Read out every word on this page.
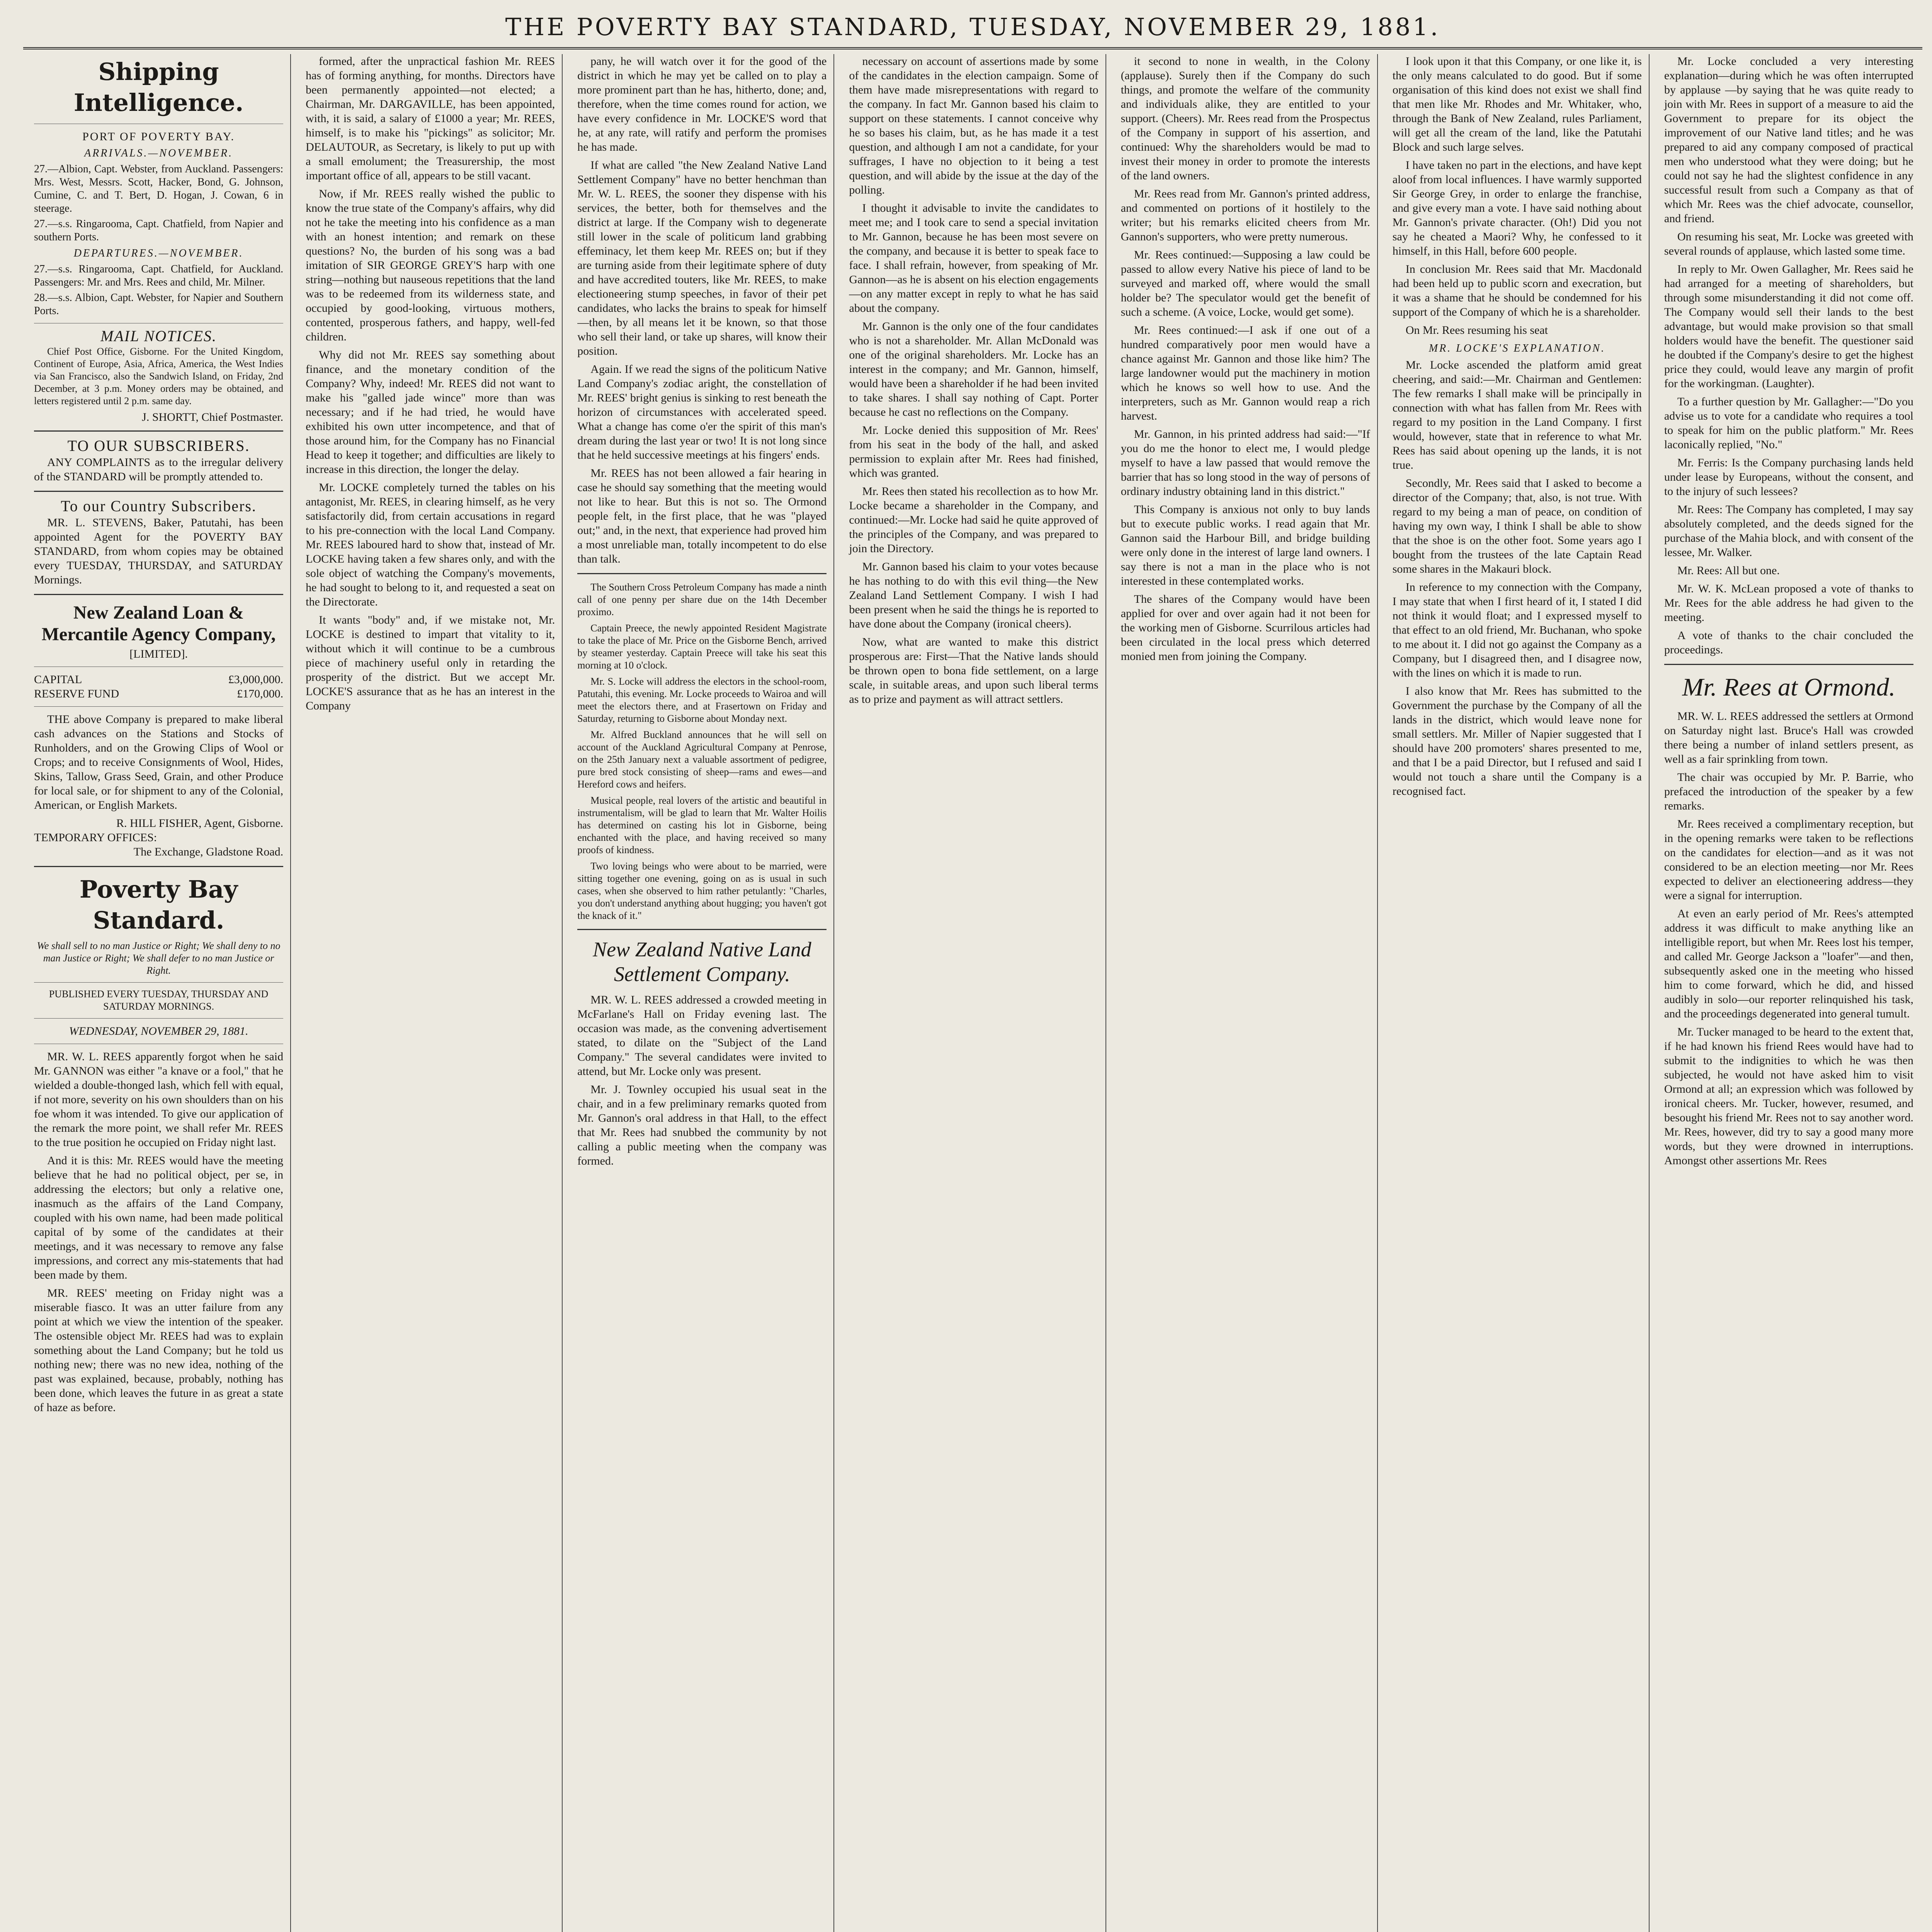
THE POVERTY BAY STANDARD, TUESDAY, NOVEMBER 29, 1881.
Shipping Intelligence.
PORT OF POVERTY BAY.
ARRIVALS.—NOVEMBER.
27.—Albion, Capt. Webster, from Auckland. Passengers: Mrs. West, Messrs. Scott, Hacker, Bond, G. Johnson, Cumine, C. and T. Bert, D. Hogan, J. Cowan, 6 in steerage.
27.—s.s. Ringarooma, Capt. Chatfield, from Napier and southern Ports.
DEPARTURES.—NOVEMBER.
27.—s.s. Ringarooma, Capt. Chatfield, for Auckland. Passengers: Mr. and Mrs. Rees and child, Mr. Milner.
28.—s.s. Albion, Capt. Webster, for Napier and Southern Ports.
MAIL NOTICES.

Chief Post Office, Gisborne. For the United Kingdom, Continent of Europe, Asia, Africa, America, the West Indies via San Francisco, also the Sandwich Island, on Friday, 2nd December, at 3 p.m. Money orders may be obtained, and letters registered until 2 p.m. same day.

J. SHORTT, Chief Postmaster.
TO OUR SUBSCRIBERS.

ANY COMPLAINTS as to the irregular delivery of the STANDARD will be promptly attended to.

To our Country Subscribers.

MR. L. STEVENS, Baker, Patutahi, has been appointed Agent for the POVERTY BAY STANDARD, from whom copies may be obtained every TUESDAY, THURSDAY, and SATURDAY Mornings.

New Zealand Loan & Mercantile Agency Company,
[LIMITED].
CAPITAL	£3,000,000.
RESERVE FUND	£170,000.

THE above Company is prepared to make liberal cash advances on the Stations and Stocks of Runholders, and on the Growing Clips of Wool or Crops; and to receive Consignments of Wool, Hides, Skins, Tallow, Grass Seed, Grain, and other Produce for local sale, or for shipment to any of the Colonial, American, or English Markets.

R. HILL FISHER, Agent, Gisborne.
TEMPORARY OFFICES:
The Exchange, Gladstone Road.
Poverty Bay Standard.
We shall sell to no man Justice or Right; We shall deny to no man Justice or Right; We shall defer to no man Justice or Right.
PUBLISHED EVERY TUESDAY, THURSDAY AND SATURDAY MORNINGS.
WEDNESDAY, NOVEMBER 29, 1881.

MR. W. L. REES apparently forgot when he said Mr. GANNON was either "a knave or a fool," that he wielded a double-thonged lash, which fell with equal, if not more, severity on his own shoulders than on his foe whom it was intended. To give our application of the remark the more point, we shall refer Mr. REES to the true position he occupied on Friday night last.

And it is this: Mr. REES would have the meeting believe that he had no political object, per se, in addressing the electors; but only a relative one, inasmuch as the affairs of the Land Company, coupled with his own name, had been made political capital of by some of the candidates at their meetings, and it was necessary to remove any false impressions, and correct any mis-statements that had been made by them.

MR. REES' meeting on Friday night was a miserable fiasco. It was an utter failure from any point at which we view the intention of the speaker. The ostensible object Mr. REES had was to explain something about the Land Company; but he told us nothing new; there was no new idea, nothing of the past was explained, because, probably, nothing has been done, which leaves the future in as great a state of haze as before.

formed, after the unpractical fashion Mr. REES has of forming anything, for months. Directors have been permanently appointed—not elected; a Chairman, Mr. DARGAVILLE, has been appointed, with, it is said, a salary of £1000 a year; Mr. REES, himself, is to make his "pickings" as solicitor; Mr. DELAUTOUR, as Secretary, is likely to put up with a small emolument; the Treasurership, the most important office of all, appears to be still vacant.

Now, if Mr. REES really wished the public to know the true state of the Company's affairs, why did not he take the meeting into his confidence as a man with an honest intention; and remark on these questions? No, the burden of his song was a bad imitation of SIR GEORGE GREY'S harp with one string—nothing but nauseous repetitions that the land was to be redeemed from its wilderness state, and occupied by good-looking, virtuous mothers, contented, prosperous fathers, and happy, well-fed children.

Why did not Mr. REES say something about finance, and the monetary condition of the Company? Why, indeed! Mr. REES did not want to make his "galled jade wince" more than was necessary; and if he had tried, he would have exhibited his own utter incompetence, and that of those around him, for the Company has no Financial Head to keep it together; and difficulties are likely to increase in this direction, the longer the delay.

Mr. LOCKE completely turned the tables on his antagonist, Mr. REES, in clearing himself, as he very satisfactorily did, from certain accusations in regard to his pre-connection with the local Land Company. Mr. REES laboured hard to show that, instead of Mr. LOCKE having taken a few shares only, and with the sole object of watching the Company's movements, he had sought to belong to it, and requested a seat on the Directorate.

It wants "body" and, if we mistake not, Mr. LOCKE is destined to impart that vitality to it, without which it will continue to be a cumbrous piece of machinery useful only in retarding the prosperity of the district. But we accept Mr. LOCKE'S assurance that as he has an interest in the Company

pany, he will watch over it for the good of the district in which he may yet be called on to play a more prominent part than he has, hitherto, done; and, therefore, when the time comes round for action, we have every confidence in Mr. LOCKE'S word that he, at any rate, will ratify and perform the promises he has made.

If what are called "the New Zealand Native Land Settlement Company" have no better henchman than Mr. W. L. REES, the sooner they dispense with his services, the better, both for themselves and the district at large. If the Company wish to degenerate still lower in the scale of politicum land grabbing effeminacy, let them keep Mr. REES on; but if they are turning aside from their legitimate sphere of duty and have accredited touters, like Mr. REES, to make electioneering stump speeches, in favor of their pet candidates, who lacks the brains to speak for himself—then, by all means let it be known, so that those who sell their land, or take up shares, will know their position.

Again. If we read the signs of the politicum Native Land Company's zodiac aright, the constellation of Mr. REES' bright genius is sinking to rest beneath the horizon of circumstances with accelerated speed. What a change has come o'er the spirit of this man's dream during the last year or two! It is not long since that he held successive meetings at his fingers' ends.

Mr. REES has not been allowed a fair hearing in case he should say something that the meeting would not like to hear. But this is not so. The Ormond people felt, in the first place, that he was "played out;" and, in the next, that experience had proved him a most unreliable man, totally incompetent to do else than talk.

The Southern Cross Petroleum Company has made a ninth call of one penny per share due on the 14th December proximo.

Captain Preece, the newly appointed Resident Magistrate to take the place of Mr. Price on the Gisborne Bench, arrived by steamer yesterday. Captain Preece will take his seat this morning at 10 o'clock.

Mr. S. Locke will address the electors in the school-room, Patutahi, this evening. Mr. Locke proceeds to Wairoa and will meet the electors there, and at Frasertown on Friday and Saturday, returning to Gisborne about Monday next.

Mr. Alfred Buckland announces that he will sell on account of the Auckland Agricultural Company at Penrose, on the 25th January next a valuable assortment of pedigree, pure bred stock consisting of sheep—rams and ewes—and Hereford cows and heifers.

Musical people, real lovers of the artistic and beautiful in instrumentalism, will be glad to learn that Mr. Walter Hoilis has determined on casting his lot in Gisborne, being enchanted with the place, and having received so many proofs of kindness.

Two loving beings who were about to be married, were sitting together one evening, going on as is usual in such cases, when she observed to him rather petulantly: "Charles, you don't understand anything about hugging; you haven't got the knack of it."

New Zealand Native Land Settlement Company.

MR. W. L. REES addressed a crowded meeting in McFarlane's Hall on Friday evening last. The occasion was made, as the convening advertisement stated, to dilate on the "Subject of the Land Company." The several candidates were invited to attend, but Mr. Locke only was present.

Mr. J. Townley occupied his usual seat in the chair, and in a few preliminary remarks quoted from Mr. Gannon's oral address in that Hall, to the effect that Mr. Rees had snubbed the community by not calling a public meeting when the company was formed.

necessary on account of assertions made by some of the candidates in the election campaign. Some of them have made misrepresentations with regard to the company. In fact Mr. Gannon based his claim to support on these statements. I cannot conceive why he so bases his claim, but, as he has made it a test question, and although I am not a candidate, for your suffrages, I have no objection to it being a test question, and will abide by the issue at the day of the polling.

I thought it advisable to invite the candidates to meet me; and I took care to send a special invitation to Mr. Gannon, because he has been most severe on the company, and because it is better to speak face to face. I shall refrain, however, from speaking of Mr. Gannon—as he is absent on his election engagements—on any matter except in reply to what he has said about the company.

Mr. Gannon is the only one of the four candidates who is not a shareholder. Mr. Allan McDonald was one of the original shareholders. Mr. Locke has an interest in the company; and Mr. Gannon, himself, would have been a shareholder if he had been invited to take shares. I shall say nothing of Capt. Porter because he cast no reflections on the Company.

Mr. Locke denied this supposition of Mr. Rees' from his seat in the body of the hall, and asked permission to explain after Mr. Rees had finished, which was granted.

Mr. Rees then stated his recollection as to how Mr. Locke became a shareholder in the Company, and continued:—Mr. Locke had said he quite approved of the principles of the Company, and was prepared to join the Directory.

Mr. Gannon based his claim to your votes because he has nothing to do with this evil thing—the New Zealand Land Settlement Company. I wish I had been present when he said the things he is reported to have done about the Company (ironical cheers).

Now, what are wanted to make this district prosperous are: First—That the Native lands should be thrown open to bona fide settlement, on a large scale, in suitable areas, and upon such liberal terms as to prize and payment as will attract settlers.

it second to none in wealth, in the Colony (applause). Surely then if the Company do such things, and promote the welfare of the community and individuals alike, they are entitled to your support. (Cheers). Mr. Rees read from the Prospectus of the Company in support of his assertion, and continued: Why the shareholders would be mad to invest their money in order to promote the interests of the land owners.

Mr. Rees read from Mr. Gannon's printed address, and commented on portions of it hostilely to the writer; but his remarks elicited cheers from Mr. Gannon's supporters, who were pretty numerous.

Mr. Rees continued:—Supposing a law could be passed to allow every Native his piece of land to be surveyed and marked off, where would the small holder be? The speculator would get the benefit of such a scheme. (A voice, Locke, would get some).

Mr. Rees continued:—I ask if one out of a hundred comparatively poor men would have a chance against Mr. Gannon and those like him? The large landowner would put the machinery in motion which he knows so well how to use. And the interpreters, such as Mr. Gannon would reap a rich harvest.

Mr. Gannon, in his printed address had said:—"If you do me the honor to elect me, I would pledge myself to have a law passed that would remove the barrier that has so long stood in the way of persons of ordinary industry obtaining land in this district."

This Company is anxious not only to buy lands but to execute public works. I read again that Mr. Gannon said the Harbour Bill, and bridge building were only done in the interest of large land owners. I say there is not a man in the place who is not interested in these contemplated works.

The shares of the Company would have been applied for over and over again had it not been for the working men of Gisborne. Scurrilous articles had been circulated in the local press which deterred monied men from joining the Company.

I look upon it that this Company, or one like it, is the only means calculated to do good. But if some organisation of this kind does not exist we shall find that men like Mr. Rhodes and Mr. Whitaker, who, through the Bank of New Zealand, rules Parliament, will get all the cream of the land, like the Patutahi Block and such large selves.

I have taken no part in the elections, and have kept aloof from local influences. I have warmly supported Sir George Grey, in order to enlarge the franchise, and give every man a vote. I have said nothing about Mr. Gannon's private character. (Oh!) Did you not say he cheated a Maori? Why, he confessed to it himself, in this Hall, before 600 people.

In conclusion Mr. Rees said that Mr. Macdonald had been held up to public scorn and execration, but it was a shame that he should be condemned for his support of the Company of which he is a shareholder.

On Mr. Rees resuming his seat

MR. LOCKE'S EXPLANATION.

Mr. Locke ascended the platform amid great cheering, and said:—Mr. Chairman and Gentlemen: The few remarks I shall make will be principally in connection with what has fallen from Mr. Rees with regard to my position in the Land Company. I first would, however, state that in reference to what Mr. Rees has said about opening up the lands, it is not true.

Secondly, Mr. Rees said that I asked to become a director of the Company; that, also, is not true. With regard to my being a man of peace, on condition of having my own way, I think I shall be able to show that the shoe is on the other foot. Some years ago I bought from the trustees of the late Captain Read some shares in the Makauri block.

In reference to my connection with the Company, I may state that when I first heard of it, I stated I did not think it would float; and I expressed myself to that effect to an old friend, Mr. Buchanan, who spoke to me about it. I did not go against the Company as a Company, but I disagreed then, and I disagree now, with the lines on which it is made to run.

I also know that Mr. Rees has submitted to the Government the purchase by the Company of all the lands in the district, which would leave none for small settlers. Mr. Miller of Napier suggested that I should have 200 promoters' shares presented to me, and that I be a paid Director, but I refused and said I would not touch a share until the Company is a recognised fact.

Mr. Locke concluded a very interesting explanation—during which he was often interrupted by applause —by saying that he was quite ready to join with Mr. Rees in support of a measure to aid the Government to prepare for its object the improvement of our Native land titles; and he was prepared to aid any company composed of practical men who understood what they were doing; but he could not say he had the slightest confidence in any successful result from such a Company as that of which Mr. Rees was the chief advocate, counsellor, and friend.

On resuming his seat, Mr. Locke was greeted with several rounds of applause, which lasted some time.

In reply to Mr. Owen Gallagher, Mr. Rees said he had arranged for a meeting of shareholders, but through some misunderstanding it did not come off. The Company would sell their lands to the best advantage, but would make provision so that small holders would have the benefit. The questioner said he doubted if the Company's desire to get the highest price they could, would leave any margin of profit for the workingman. (Laughter).

To a further question by Mr. Gallagher:—"Do you advise us to vote for a candidate who requires a tool to speak for him on the public platform." Mr. Rees laconically replied, "No."

Mr. Ferris: Is the Company purchasing lands held under lease by Europeans, without the consent, and to the injury of such lessees?

Mr. Rees: The Company has completed, I may say absolutely completed, and the deeds signed for the purchase of the Mahia block, and with consent of the lessee, Mr. Walker.

Mr. Rees: All but one.

Mr. W. K. McLean proposed a vote of thanks to Mr. Rees for the able address he had given to the meeting.

A vote of thanks to the chair concluded the proceedings.

Mr. Rees at Ormond.

MR. W. L. REES addressed the settlers at Ormond on Saturday night last. Bruce's Hall was crowded there being a number of inland settlers present, as well as a fair sprinkling from town.

The chair was occupied by Mr. P. Barrie, who prefaced the introduction of the speaker by a few remarks.

Mr. Rees received a complimentary reception, but in the opening remarks were taken to be reflections on the candidates for election—and as it was not considered to be an election meeting—nor Mr. Rees expected to deliver an electioneering address—they were a signal for interruption.

At even an early period of Mr. Rees's attempted address it was difficult to make anything like an intelligible report, but when Mr. Rees lost his temper, and called Mr. George Jackson a "loafer"—and then, subsequently asked one in the meeting who hissed him to come forward, which he did, and hissed audibly in solo—our reporter relinquished his task, and the proceedings degenerated into general tumult.

Mr. Tucker managed to be heard to the extent that, if he had known his friend Rees would have had to submit to the indignities to which he was then subjected, he would not have asked him to visit Ormond at all; an expression which was followed by ironical cheers. Mr. Tucker, however, resumed, and besought his friend Mr. Rees not to say another word. Mr. Rees, however, did try to say a good many more words, but they were drowned in interruptions. Amongst other assertions Mr. Rees
